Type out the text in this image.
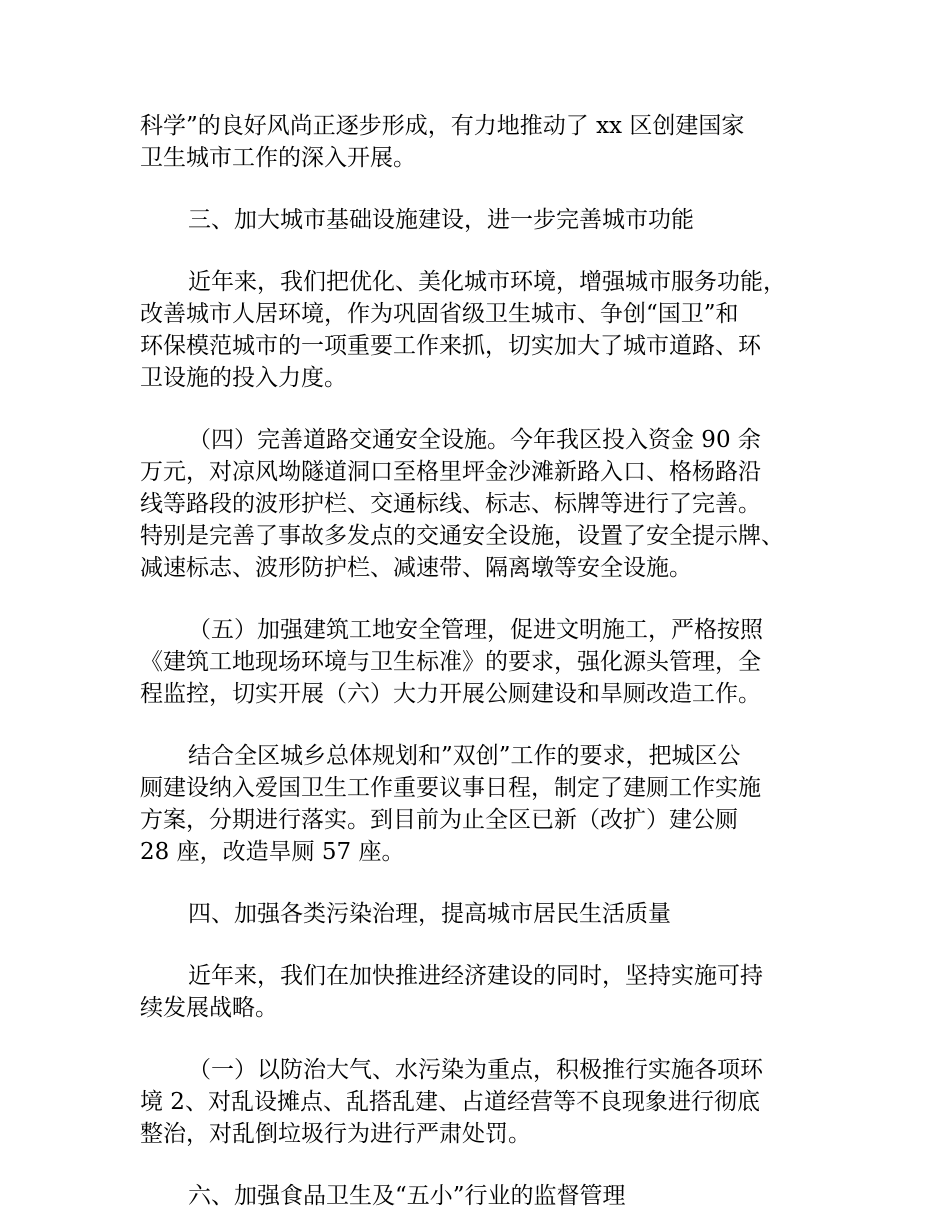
科学”的良好风尚正逐步形成，有力地推动了 xx 区创建国家
卫生城市工作的深入开展。
三、加大城市基础设施建设，进一步完善城市功能
近年来，我们把优化、美化城市环境，增强城市服务功能，
改善城市人居环境，作为巩固省级卫生城市、争创“国卫”和
环保模范城市的一项重要工作来抓，切实加大了城市道路、环
卫设施的投入力度。
（四）完善道路交通安全设施。今年我区投入资金 90 余
万元，对凉风坳隧道洞口至格里坪金沙滩新路入口、格杨路沿
线等路段的波形护栏、交通标线、标志、标牌等进行了完善。
特别是完善了事故多发点的交通安全设施，设置了安全提示牌、
减速标志、波形防护栏、减速带、隔离墩等安全设施。
（五）加强建筑工地安全管理，促进文明施工，严格按照
《建筑工地现场环境与卫生标准》的要求，强化源头管理，全
程监控，切实开展（六）大力开展公厕建设和旱厕改造工作。
结合全区城乡总体规划和”双创”工作的要求，把城区公
厕建设纳入爱国卫生工作重要议事日程，制定了建厕工作实施
方案，分期进行落实。到目前为止全区已新（改扩）建公厕
28 座，改造旱厕 57 座。
四、加强各类污染治理，提高城市居民生活质量
近年来，我们在加快推进经济建设的同时，坚持实施可持
续发展战略。
（一）以防治大气、水污染为重点，积极推行实施各项环
境 2、对乱设摊点、乱搭乱建、占道经营等不良现象进行彻底
整治，对乱倒垃圾行为进行严肃处罚。
六、加强食品卫生及“五小”行业的监督管理
